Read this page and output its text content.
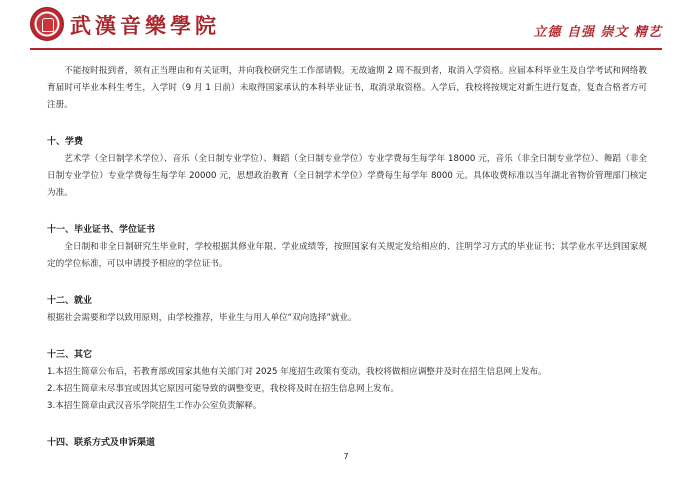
武漢音樂學院	立德 自强 崇文 精艺

不能按时报到者，须有正当理由和有关证明，并向我校研究生工作部请假。无故逾期 2 周不报到者，取消入学资格。应届本科毕业生及自学考试和网络教育届时可毕业本科生考生，入学时（9 月 1 日前）未取得国家承认的本科毕业证书，取消录取资格。入学后，我校将按规定对新生进行复查，复查合格者方可注册。

十、学费

艺术学（全日制学术学位）、音乐（全日制专业学位）、舞蹈（全日制专业学位）专业学费每生每学年 18000 元，音乐（非全日制专业学位）、舞蹈（非全日制专业学位）专业学费每生每学年 20000 元，思想政治教育（全日制学术学位）学费每生每学年 8000 元。具体收费标准以当年湖北省物价管理部门核定为准。

十一、毕业证书、学位证书

全日制和非全日制研究生毕业时，学校根据其修业年限、学业成绩等，按照国家有关规定发给相应的、注明学习方式的毕业证书；其学业水平达到国家规定的学位标准，可以申请授予相应的学位证书。

十二、就业

根据社会需要和学以致用原则，由学校推荐，毕业生与用人单位“双向选择”就业。

十三、其它

1.本招生简章公布后，若教育部或国家其他有关部门对 2025 年度招生政策有变动，我校将做相应调整并及时在招生信息网上发布。

2.本招生简章未尽事宜或因其它原因可能导致的调整变更，我校将及时在招生信息网上发布。

3.本招生简章由武汉音乐学院招生工作办公室负责解释。

十四、联系方式及申诉渠道

7
